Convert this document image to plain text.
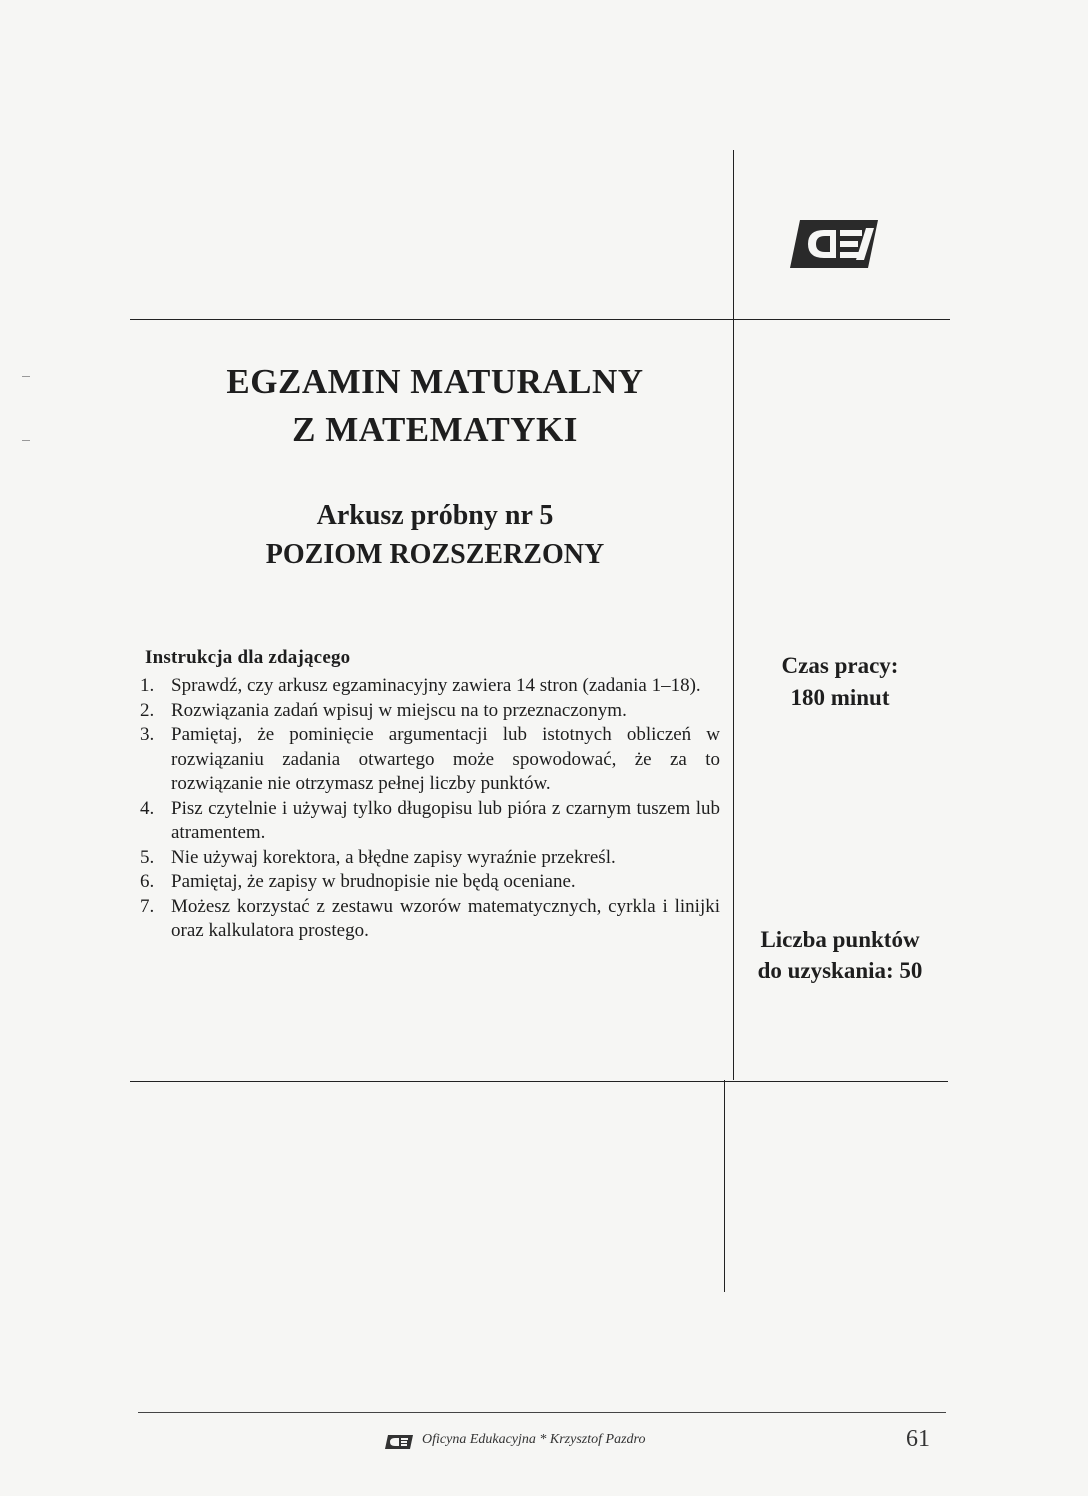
EGZAMIN MATURALNY
Z MATEMATYKI
Arkusz próbny nr 5
POZIOM ROZSZERZONY
Instrukcja dla zdającego
1. Sprawdź, czy arkusz egzaminacyjny zawiera 14 stron (zadania 1–18).
2. Rozwiązania zadań wpisuj w miejscu na to przeznaczonym.
3. Pamiętaj, że pominięcie argumentacji lub istotnych obliczeń w rozwiązaniu zadania otwartego może spowodować, że za to rozwiązanie nie otrzymasz pełnej liczby punktów.
4. Pisz czytelnie i używaj tylko długopisu lub pióra z czarnym tuszem lub atramentem.
5. Nie używaj korektora, a błędne zapisy wyraźnie przekreśl.
6. Pamiętaj, że zapisy w brudnopisie nie będą oceniane.
7. Możesz korzystać z zestawu wzorów matematycznych, cyrkla i linijki oraz kalkulatora prostego.
Czas pracy:
180 minut
Liczba punktów
do uzyskania: 50
Oficyna Edukacyjna * Krzysztof Pazdro	61
